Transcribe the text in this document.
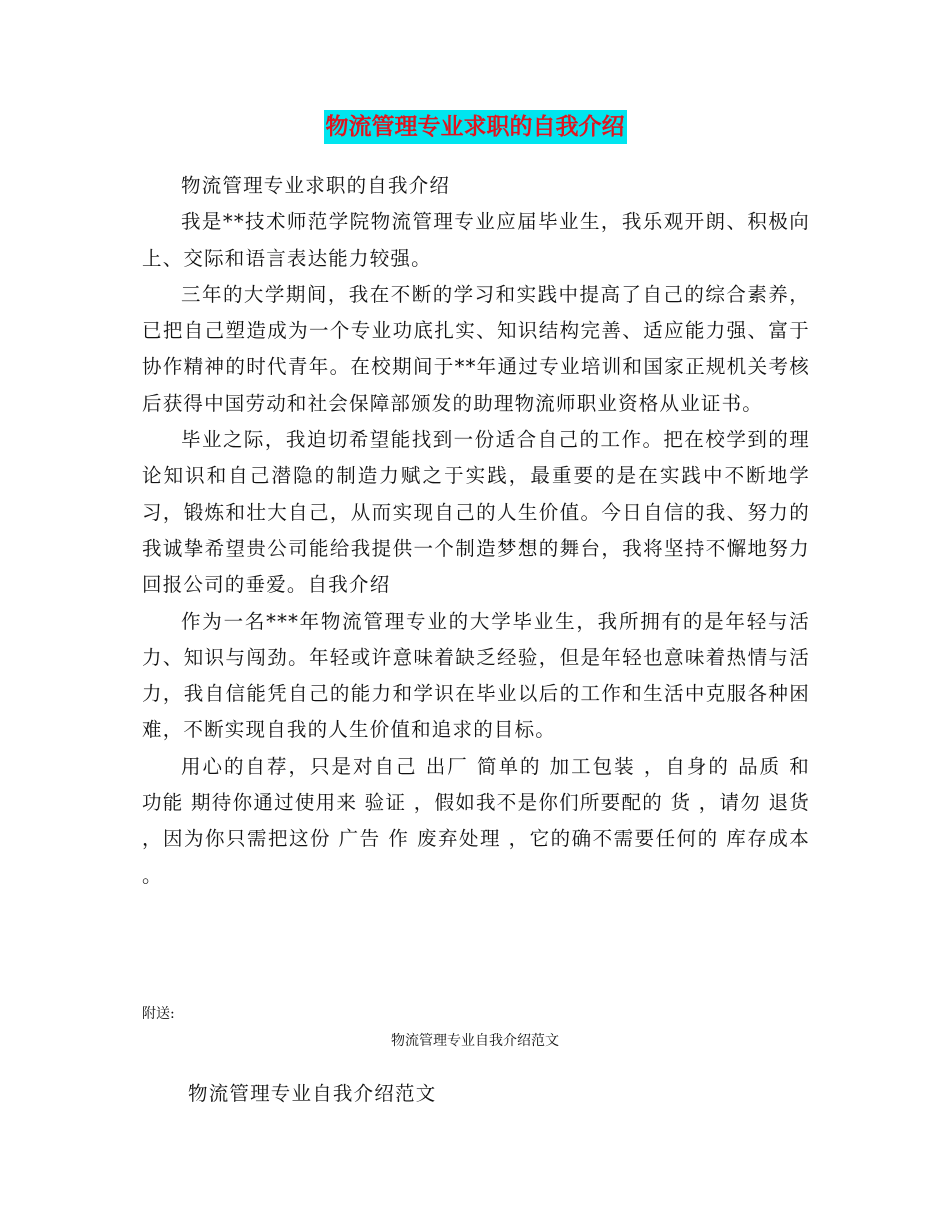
物流管理专业求职的自我介绍

物流管理专业求职的自我介绍

我是**技术师范学院物流管理专业应届毕业生，我乐观开朗、积极向上、交际和语言表达能力较强。

三年的大学期间，我在不断的学习和实践中提高了自己的综合素养，已把自己塑造成为一个专业功底扎实、知识结构完善、适应能力强、富于协作精神的时代青年。在校期间于**年通过专业培训和国家正规机关考核后获得中国劳动和社会保障部颁发的助理物流师职业资格从业证书。

毕业之际，我迫切希望能找到一份适合自己的工作。把在校学到的理论知识和自己潜隐的制造力赋之于实践，最重要的是在实践中不断地学习，锻炼和壮大自己，从而实现自己的人生价值。今日自信的我、努力的我诚挚希望贵公司能给我提供一个制造梦想的舞台，我将坚持不懈地努力回报公司的垂爱。自我介绍

作为一名***年物流管理专业的大学毕业生，我所拥有的是年轻与活力、知识与闯劲。年轻或许意味着缺乏经验，但是年轻也意味着热情与活力，我自信能凭自己的能力和学识在毕业以后的工作和生活中克服各种困难，不断实现自我的人生价值和追求的目标。

用心的自荐，只是对自己 出厂 简单的 加工包装 ，自身的 品质 和 功能 期待你通过使用来 验证 ，假如我不是你们所要配的 货 ，请勿 退货 ，因为你只需把这份 广告 作 废弃处理 ，它的确不需要任何的 库存成本 。

附送:
物流管理专业自我介绍范文
物流管理专业自我介绍范文
